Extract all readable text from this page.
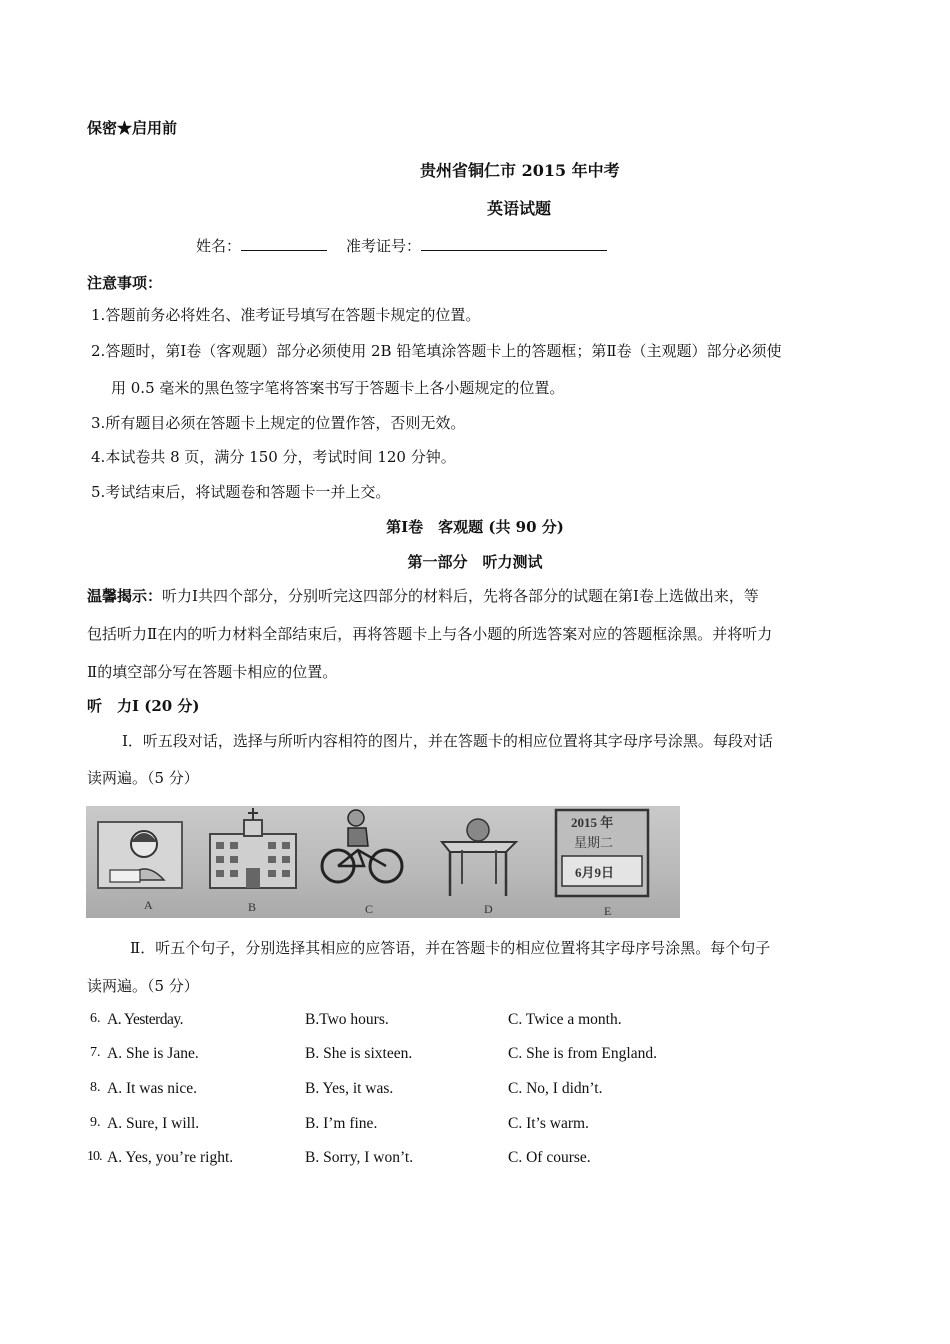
保密★启用前
贵州省铜仁市 2015 年中考
英语试题
姓名：	准考证号：
注意事项：
1.答题前务必将姓名、准考证号填写在答题卡规定的位置。
2.答题时，第Ⅰ卷（客观题）部分必须使用 2B 铅笔填涂答题卡上的答题框；第Ⅱ卷（主观题）部分必须使
用 0.5 毫米的黑色签字笔将答案书写于答题卡上各小题规定的位置。
3.所有题目必须在答题卡上规定的位置作答，否则无效。
4.本试卷共 8 页，满分 150 分，考试时间 120 分钟。
5.考试结束后，将试题卷和答题卡一并上交。
第Ⅰ卷　客观题 (共 90 分)
第一部分　听力测试
温馨揭示：听力Ⅰ共四个部分，分别听完这四部分的材料后，先将各部分的试题在第Ⅰ卷上选做出来，等
包括听力Ⅱ在内的听力材料全部结束后，再将答题卡上与各小题的所选答案对应的答题框涂黑。并将听力
Ⅱ的填空部分写在答题卡相应的位置。
听　力Ⅰ (20 分)
Ⅰ．听五段对话，选择与所听内容相符的图片，并在答题卡的相应位置将其字母序号涂黑。每段对话
读两遍。（5 分）
2015 年
星期二
6月9日
A	B	C	D	E
Ⅱ．听五个句子，分别选择其相应的应答语，并在答题卡的相应位置将其字母序号涂黑。每个句子
读两遍。（5 分）
6. A. Yesterday.	B.Two hours.	C. Twice a month.
7. A. She is Jane.	B. She is sixteen.	C. She is from England.
8. A. It was nice.	B. Yes, it was.	C. No, I didn’t.
9. A. Sure, I will.	B. I’m fine.	C. It’s warm.
10. A. Yes, you’re right.	B. Sorry, I won’t.	C. Of course.
